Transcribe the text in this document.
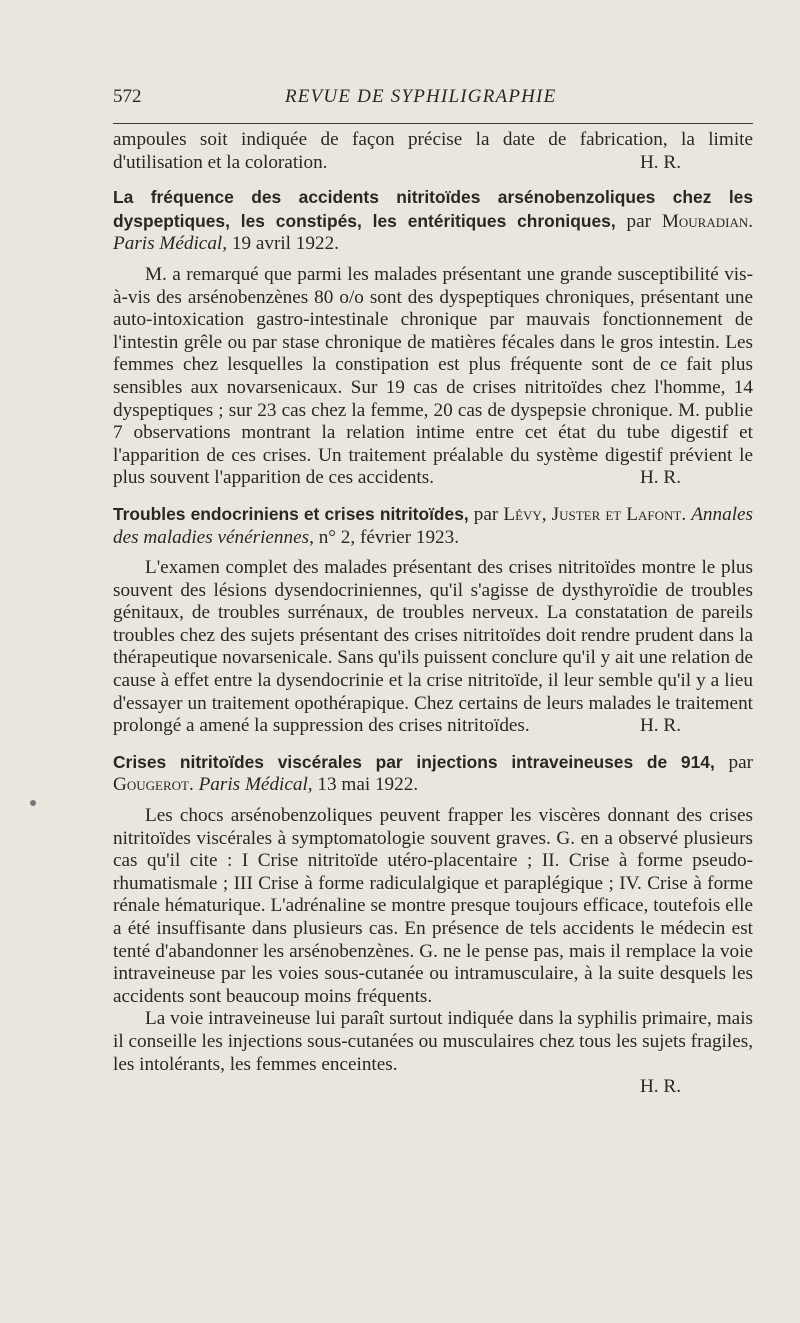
572	REVUE DE SYPHILIGRAPHIE

ampoules soit indiquée de façon précise la date de fabrication, la limite d'utilisation et la coloration.	H. R.

La fréquence des accidents nitritoïdes arsénobenzoliques chez les dyspeptiques, les constipés, les entéritiques chroniques, par Mouradian. Paris Médical, 19 avril 1922.

M. a remarqué que parmi les malades présentant une grande susceptibilité vis-à-vis des arsénobenzènes 80 o/o sont des dyspeptiques chroniques, présentant une auto-intoxication gastro-intestinale chronique par mauvais fonctionnement de l'intestin grêle ou par stase chronique de matières fécales dans le gros intestin. Les femmes chez lesquelles la constipation est plus fréquente sont de ce fait plus sensibles aux novarsenicaux. Sur 19 cas de crises nitritoïdes chez l'homme, 14 dyspeptiques ; sur 23 cas chez la femme, 20 cas de dyspepsie chronique. M. publie 7 observations montrant la relation intime entre cet état du tube digestif et l'apparition de ces crises. Un traitement préalable du système digestif prévient le plus souvent l'apparition de ces accidents.	H. R.

Troubles endocriniens et crises nitritoïdes, par Lévy, Juster et Lafont. Annales des maladies vénériennes, n° 2, février 1923.

L'examen complet des malades présentant des crises nitritoïdes montre le plus souvent des lésions dysendocriniennes, qu'il s'agisse de dysthyroïdie de troubles génitaux, de troubles surrénaux, de troubles nerveux. La constatation de pareils troubles chez des sujets présentant des crises nitritoïdes doit rendre prudent dans la thérapeutique novarsenicale. Sans qu'ils puissent conclure qu'il y ait une relation de cause à effet entre la dysendocrinie et la crise nitritoïde, il leur semble qu'il y a lieu d'essayer un traitement opothérapique. Chez certains de leurs malades le traitement prolongé a amené la suppression des crises nitritoïdes.	H. R.

Crises nitritoïdes viscérales par injections intraveineuses de 914, par Gougerot. Paris Médical, 13 mai 1922.

Les chocs arsénobenzoliques peuvent frapper les viscères donnant des crises nitritoïdes viscérales à symptomatologie souvent graves. G. en a observé plusieurs cas qu'il cite : I Crise nitritoïde utéro-placentaire ; II. Crise à forme pseudo-rhumatismale ; III Crise à forme radiculalgique et paraplégique ; IV. Crise à forme rénale hématurique. L'adrénaline se montre presque toujours efficace, toutefois elle a été insuffisante dans plusieurs cas. En présence de tels accidents le médecin est tenté d'abandonner les arsénobenzènes. G. ne le pense pas, mais il remplace la voie intraveineuse par les voies sous-cutanée ou intramusculaire, à la suite desquels les accidents sont beaucoup moins fréquents.

La voie intraveineuse lui paraît surtout indiquée dans la syphilis primaire, mais il conseille les injections sous-cutanées ou musculaires chez tous les sujets fragiles, les intolérants, les femmes enceintes.

H. R.
